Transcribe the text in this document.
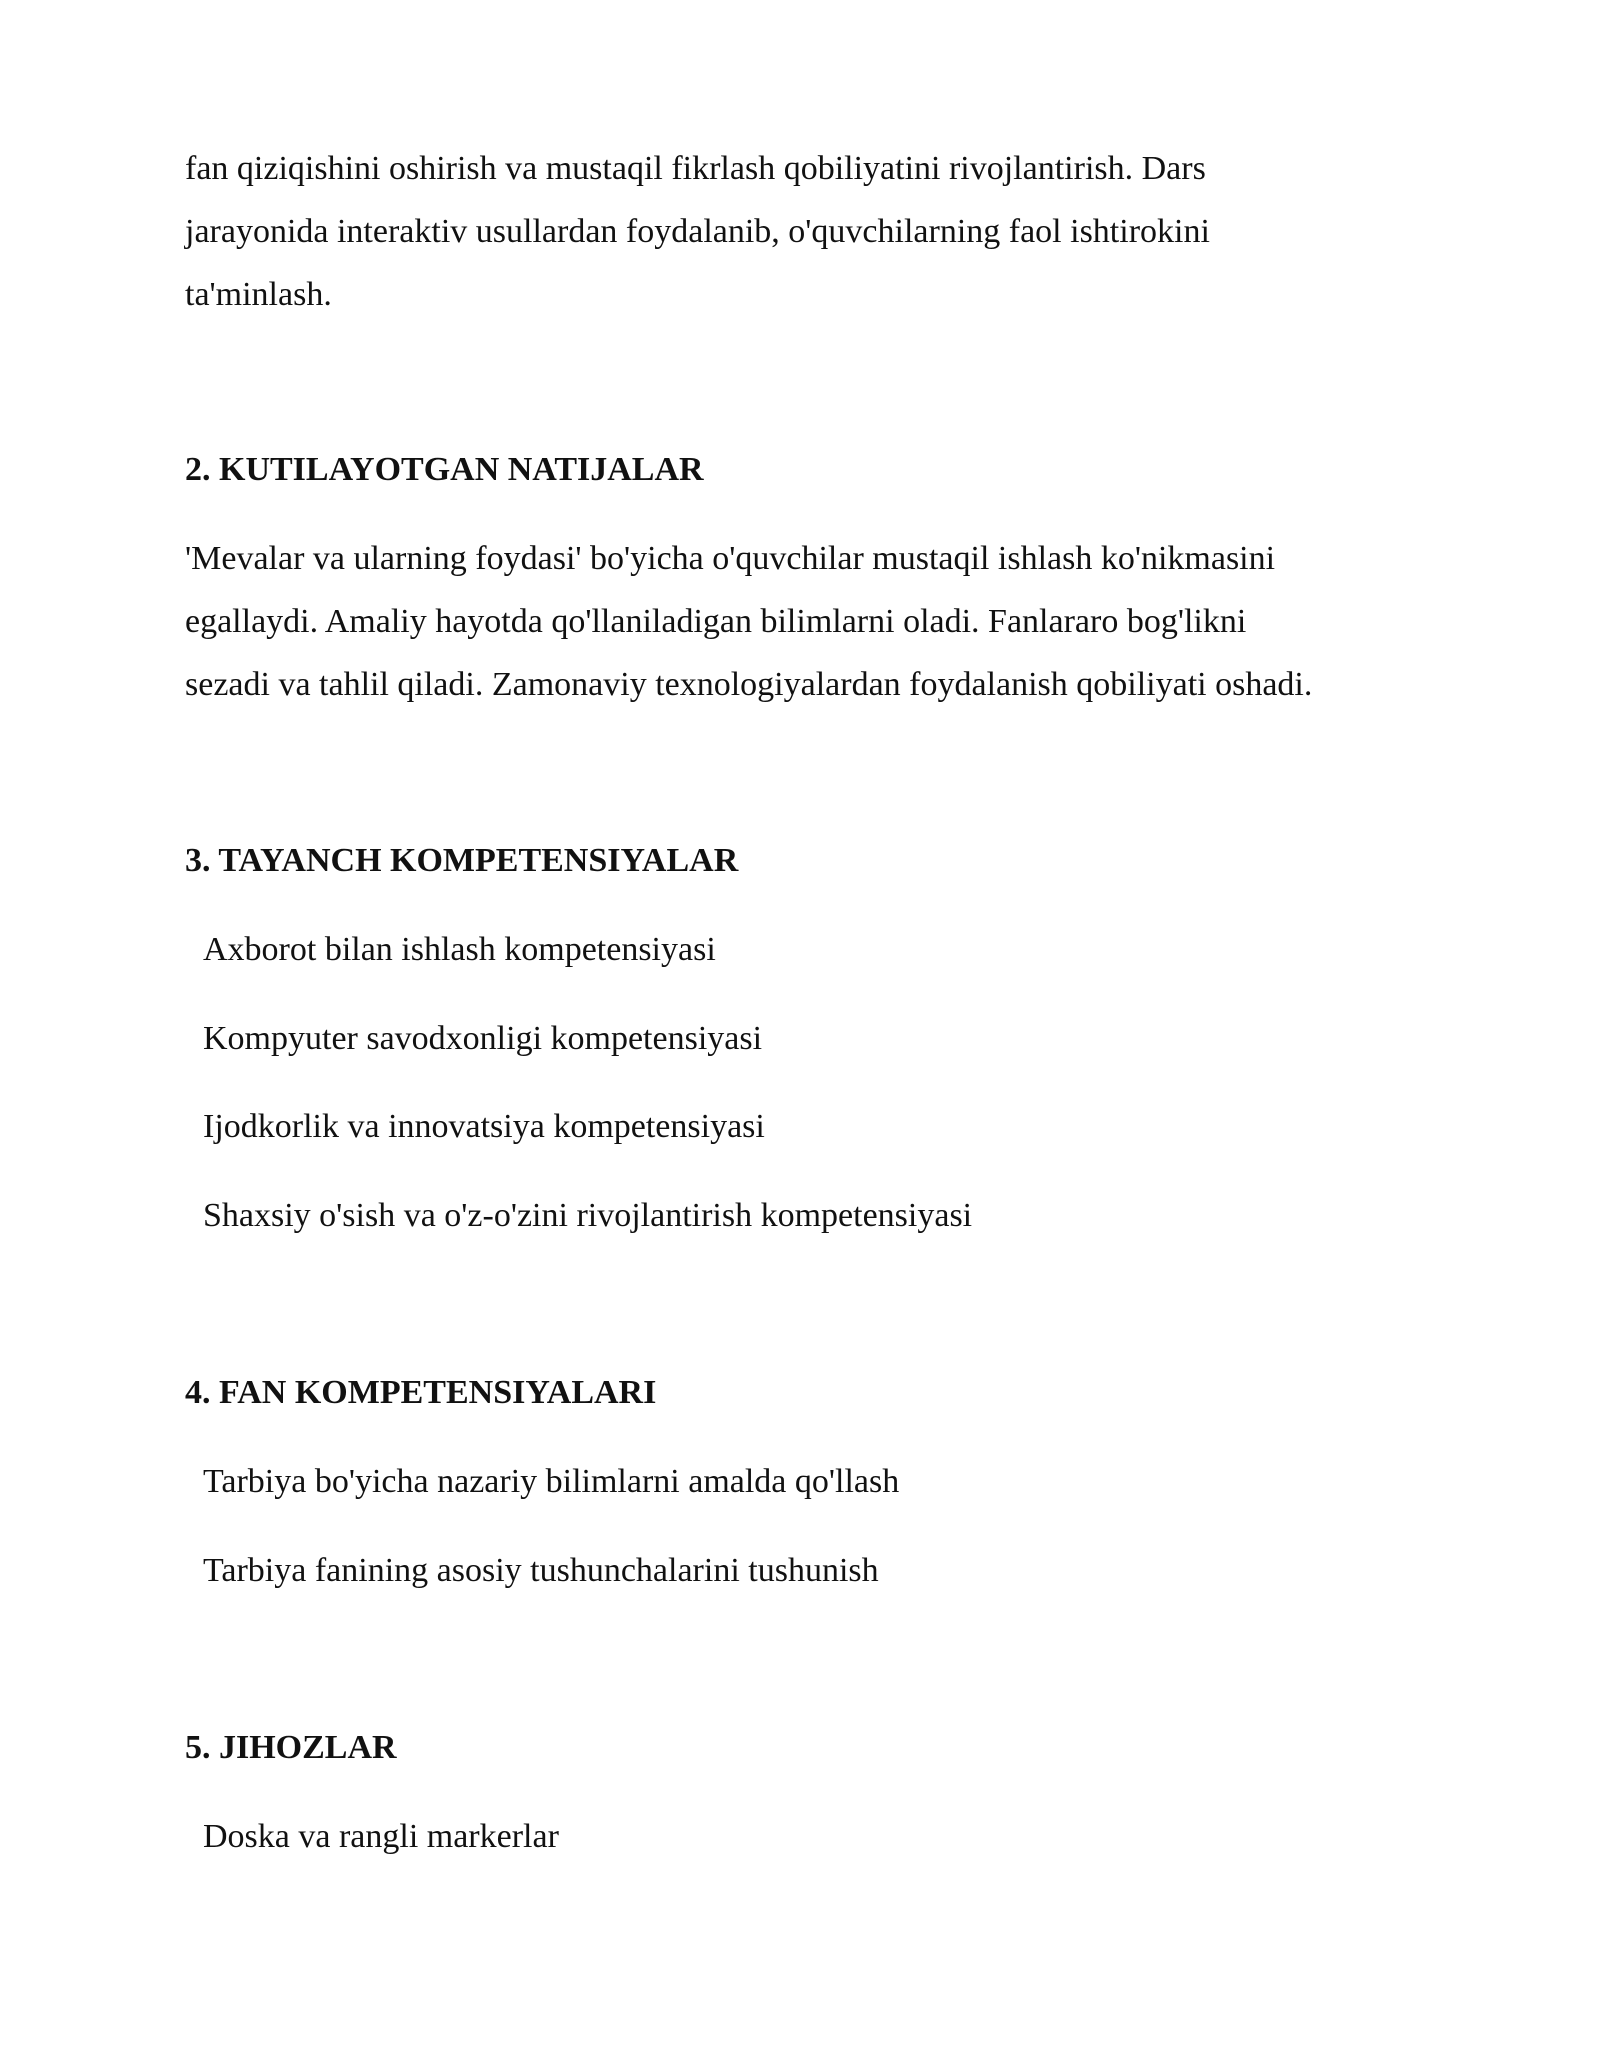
fan qiziqishini oshirish va mustaqil fikrlash qobiliyatini rivojlantirish. Dars

jarayonida interaktiv usullardan foydalanib, o'quvchilarning faol ishtirokini

ta'minlash.

2. KUTILAYOTGAN NATIJALAR

'Mevalar va ularning foydasi' bo'yicha o'quvchilar mustaqil ishlash ko'nikmasini

egallaydi. Amaliy hayotda qo'llaniladigan bilimlarni oladi. Fanlararo bog'likni

sezadi va tahlil qiladi. Zamonaviy texnologiyalardan foydalanish qobiliyati oshadi.

3. TAYANCH KOMPETENSIYALAR

Axborot bilan ishlash kompetensiyasi

Kompyuter savodxonligi kompetensiyasi

Ijodkorlik va innovatsiya kompetensiyasi

Shaxsiy o'sish va o'z-o'zini rivojlantirish kompetensiyasi

4. FAN KOMPETENSIYALARI

Tarbiya bo'yicha nazariy bilimlarni amalda qo'llash

Tarbiya fanining asosiy tushunchalarini tushunish

5. JIHOZLAR

Doska va rangli markerlar
